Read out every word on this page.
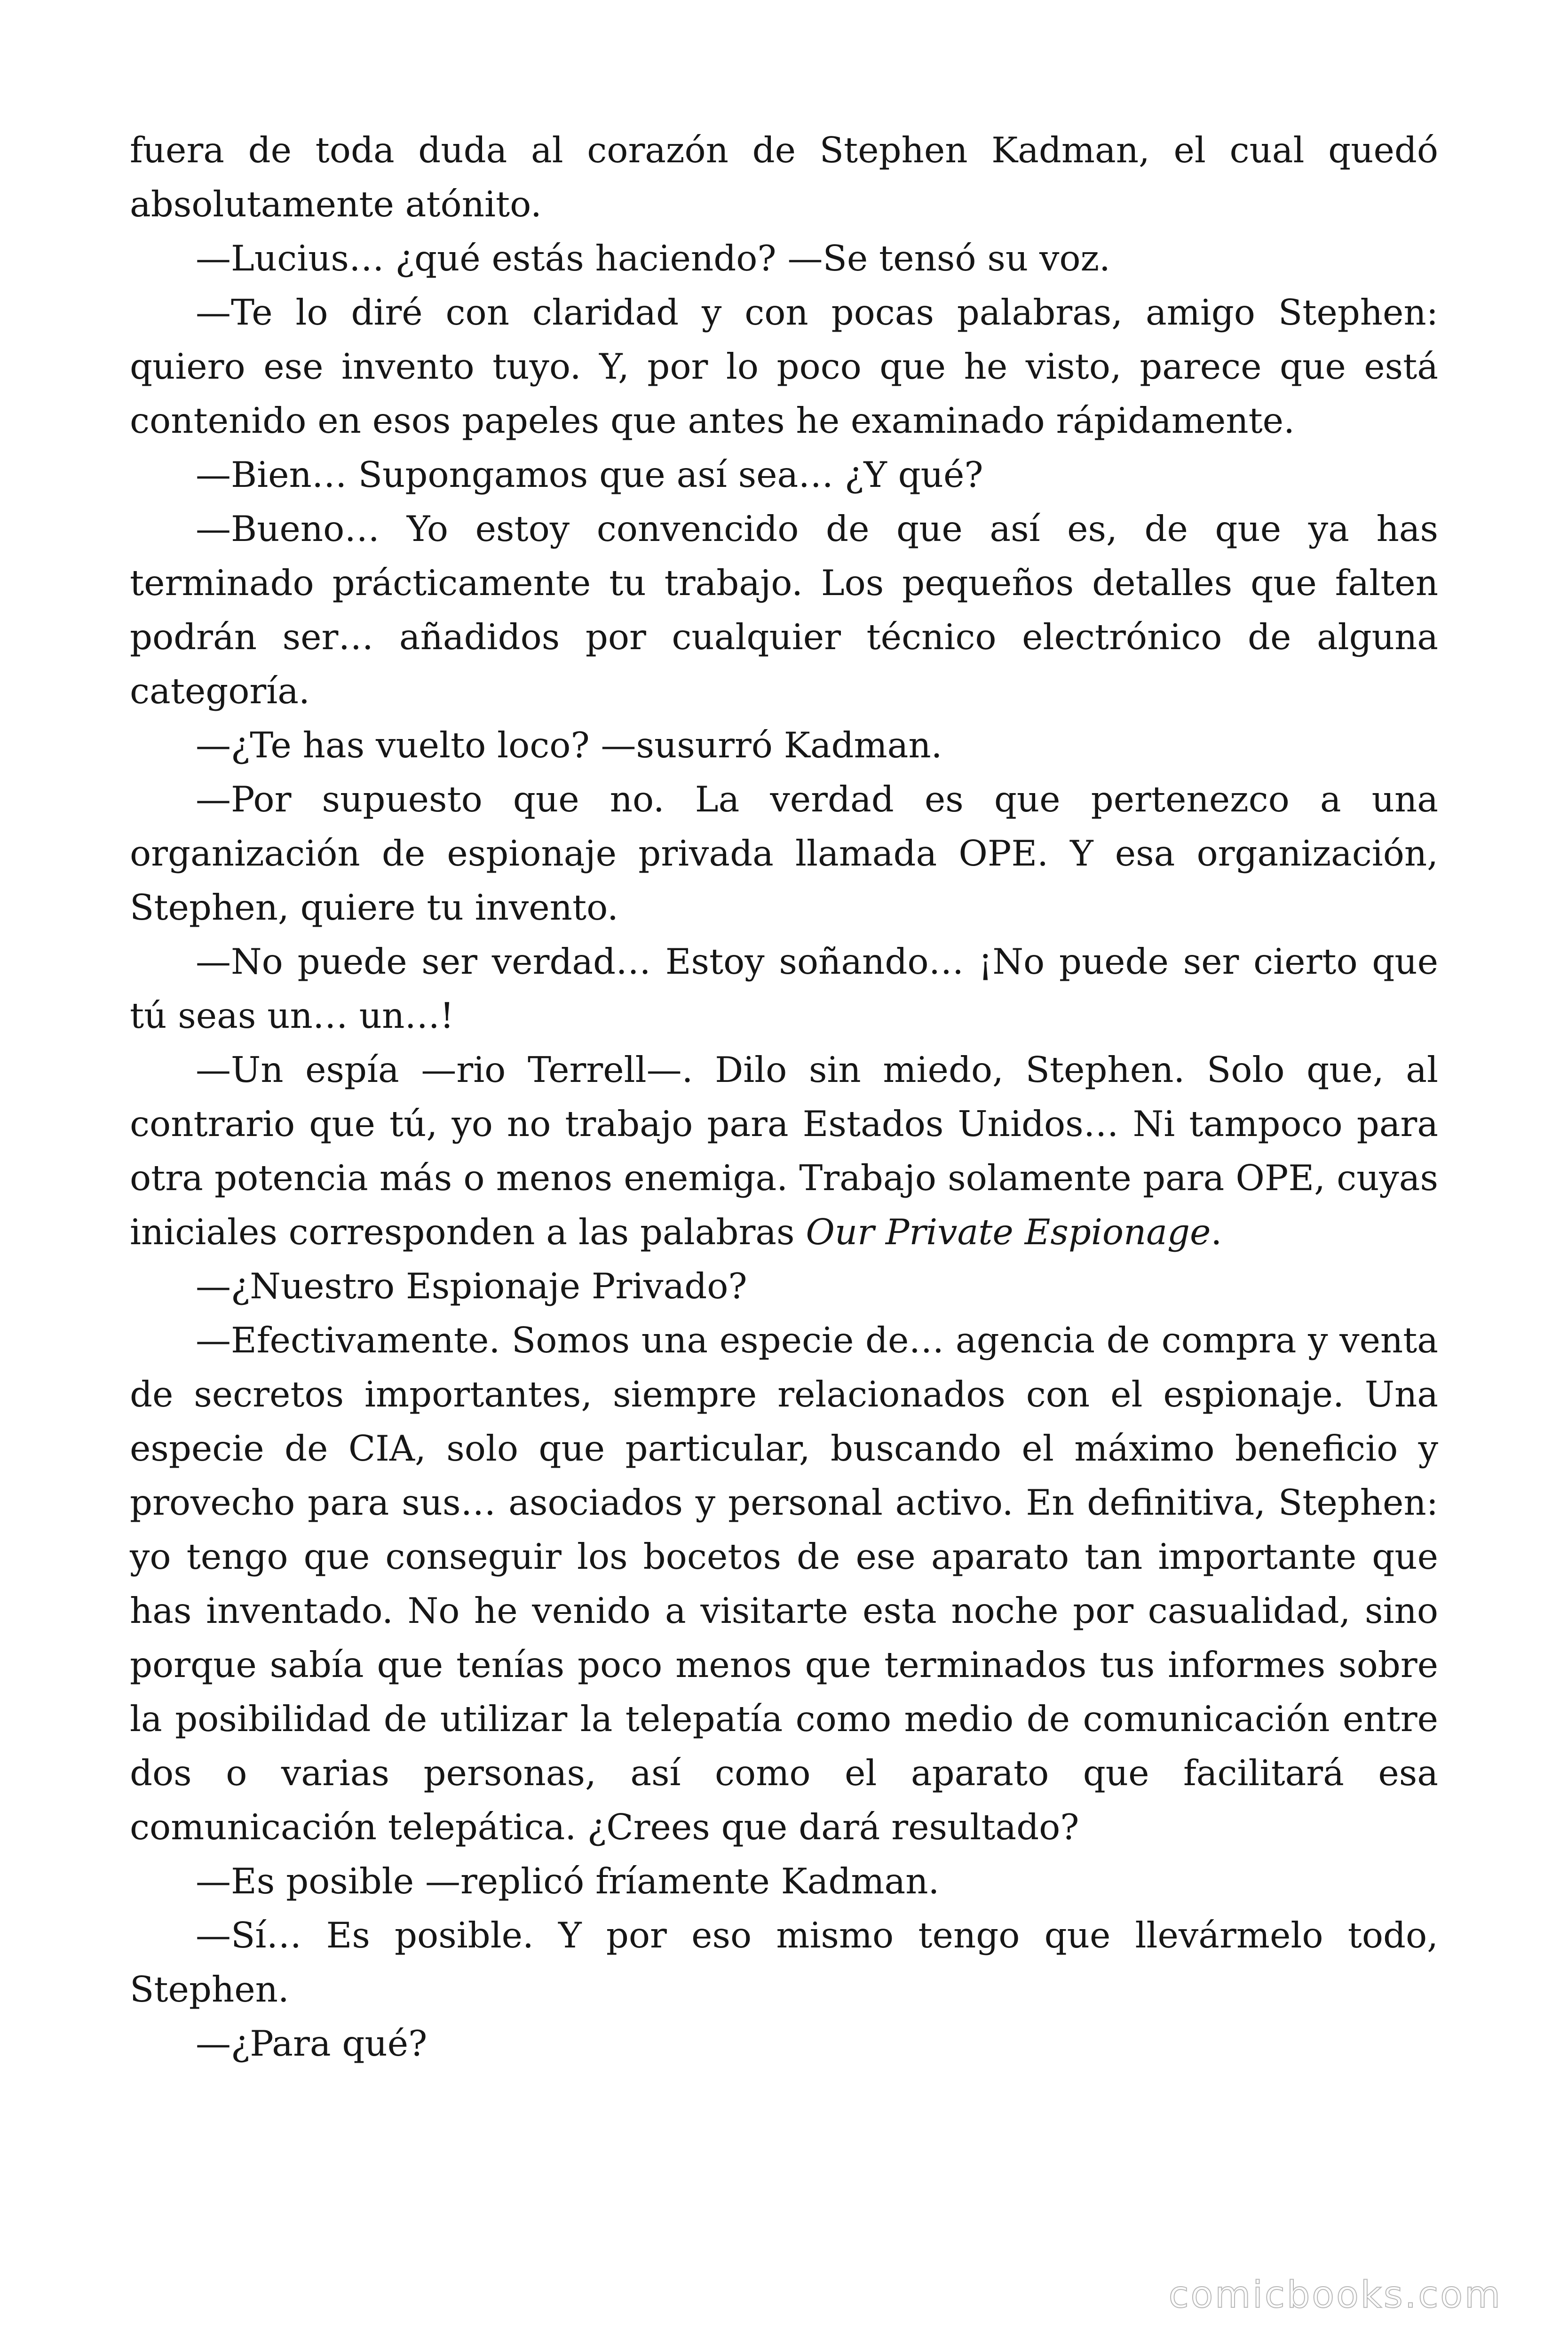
fuera de toda duda al corazón de Stephen Kadman, el cual quedó absolutamente atónito.

—Lucius… ¿qué estás haciendo? —Se tensó su voz.

—Te lo diré con claridad y con pocas palabras, amigo Stephen: quiero ese invento tuyo. Y, por lo poco que he visto, parece que está contenido en esos papeles que antes he examinado rápidamente.

—Bien… Supongamos que así sea… ¿Y qué?

—Bueno… Yo estoy convencido de que así es, de que ya has terminado prácticamente tu trabajo. Los pequeños detalles que falten podrán ser… añadidos por cualquier técnico electrónico de alguna categoría.

—¿Te has vuelto loco? —susurró Kadman.

—Por supuesto que no. La verdad es que pertenezco a una organización de espionaje privada llamada OPE. Y esa organización, Stephen, quiere tu invento.

—No puede ser verdad… Estoy soñando… ¡No puede ser cierto que tú seas un… un…!

—Un espía —rio Terrell—. Dilo sin miedo, Stephen. Solo que, al contrario que tú, yo no trabajo para Estados Unidos… Ni tampoco para otra potencia más o menos enemiga. Trabajo solamente para OPE, cuyas iniciales corresponden a las palabras Our Private Espionage.

—¿Nuestro Espionaje Privado?

—Efectivamente. Somos una especie de… agencia de compra y venta de secretos importantes, siempre relacionados con el espionaje. Una especie de CIA, solo que particular, buscando el máximo beneficio y provecho para sus… asociados y personal activo. En definitiva, Stephen: yo tengo que conseguir los bocetos de ese aparato tan importante que has inventado. No he venido a visitarte esta noche por casualidad, sino porque sabía que tenías poco menos que terminados tus informes sobre la posibilidad de utilizar la telepatía como medio de comunicación entre dos o varias personas, así como el aparato que facilitará esa comunicación telepática. ¿Crees que dará resultado?

—Es posible —replicó fríamente Kadman.

—Sí… Es posible. Y por eso mismo tengo que llevármelo todo, Stephen.

—¿Para qué?

comicbooks.com
